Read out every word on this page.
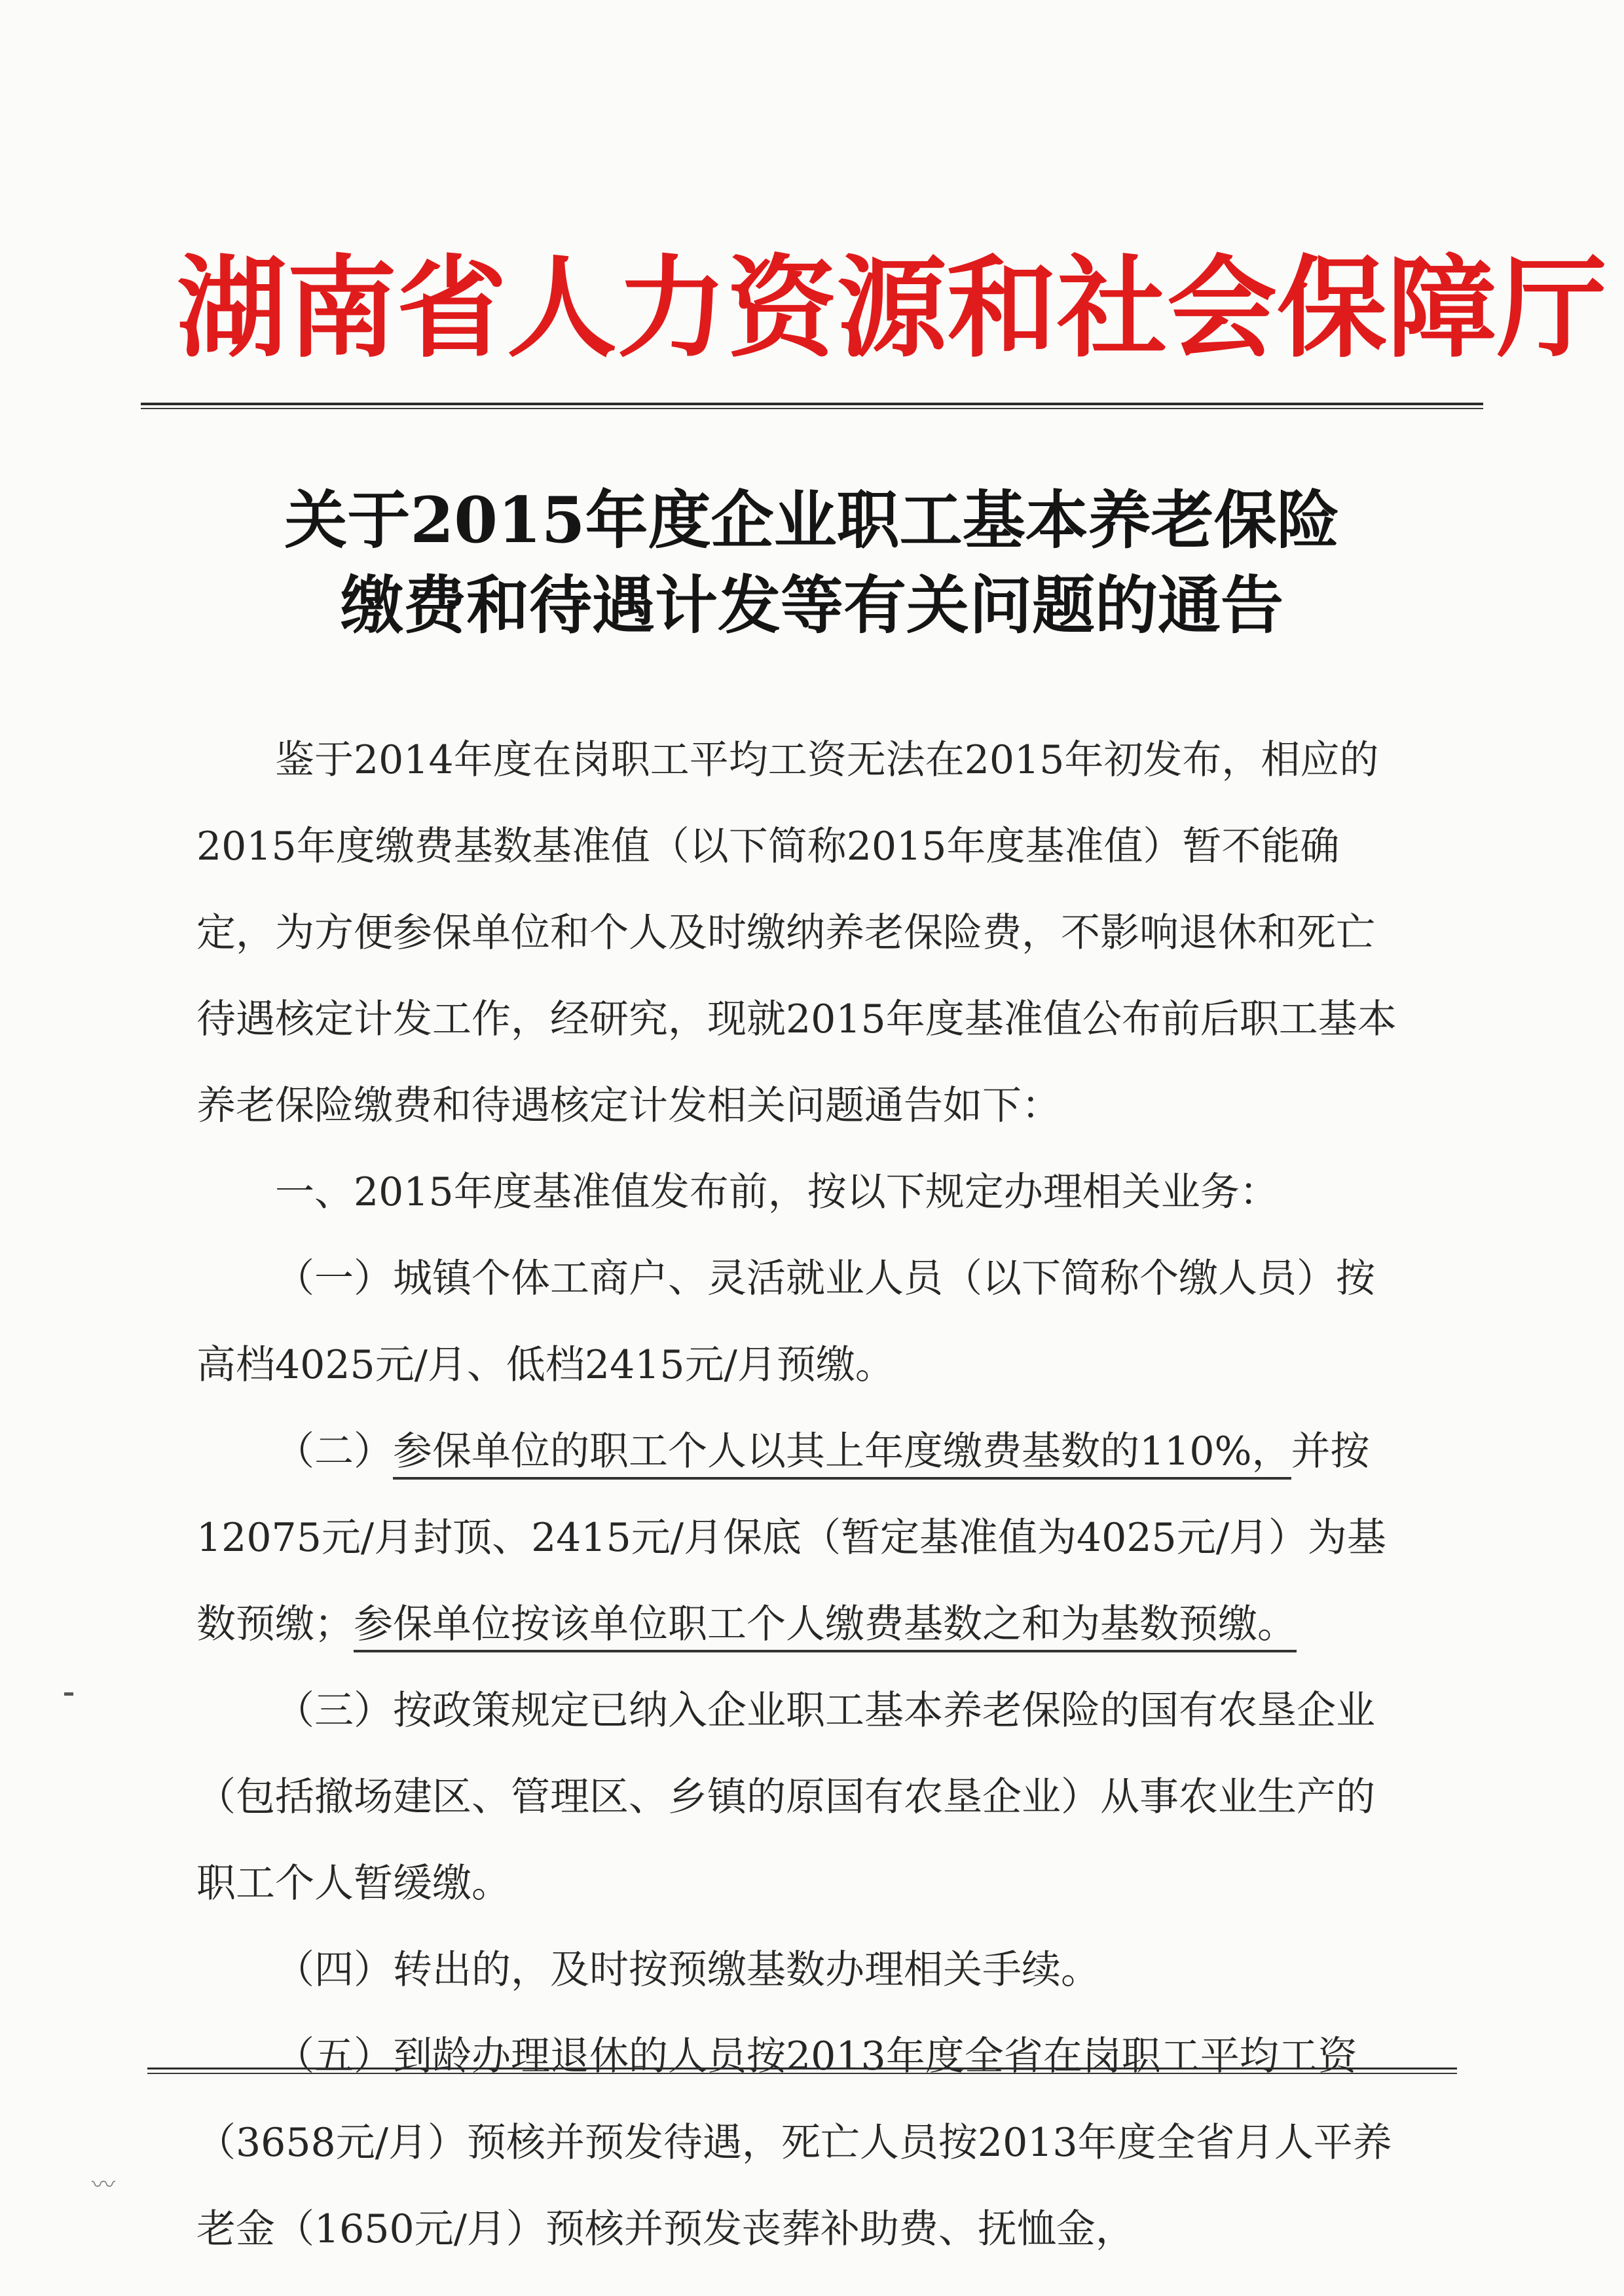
湖南省人力资源和社会保障厅
关于2015年度企业职工基本养老保险
缴费和待遇计发等有关问题的通告

鉴于2014年度在岗职工平均工资无法在2015年初发布，相应的2015年度缴费基数基准值（以下简称2015年度基准值）暂不能确定，为方便参保单位和个人及时缴纳养老保险费，不影响退休和死亡待遇核定计发工作，经研究，现就2015年度基准值公布前后职工基本养老保险缴费和待遇核定计发相关问题通告如下：

一、2015年度基准值发布前，按以下规定办理相关业务：

（一）城镇个体工商户、灵活就业人员（以下简称个缴人员）按高档4025元/月、低档2415元/月预缴。

（二）参保单位的职工个人以其上年度缴费基数的110%，并按12075元/月封顶、2415元/月保底（暂定基准值为4025元/月）为基数预缴；参保单位按该单位职工个人缴费基数之和为基数预缴。

（三）按政策规定已纳入企业职工基本养老保险的国有农垦企业（包括撤场建区、管理区、乡镇的原国有农垦企业）从事农业生产的职工个人暂缓缴。

（四）转出的，及时按预缴基数办理相关手续。

（五）到龄办理退休的人员按2013年度全省在岗职工平均工资（3658元/月）预核并预发待遇，死亡人员按2013年度全省月人平养老金（1650元/月）预核并预发丧葬补助费、抚恤金，

〰
